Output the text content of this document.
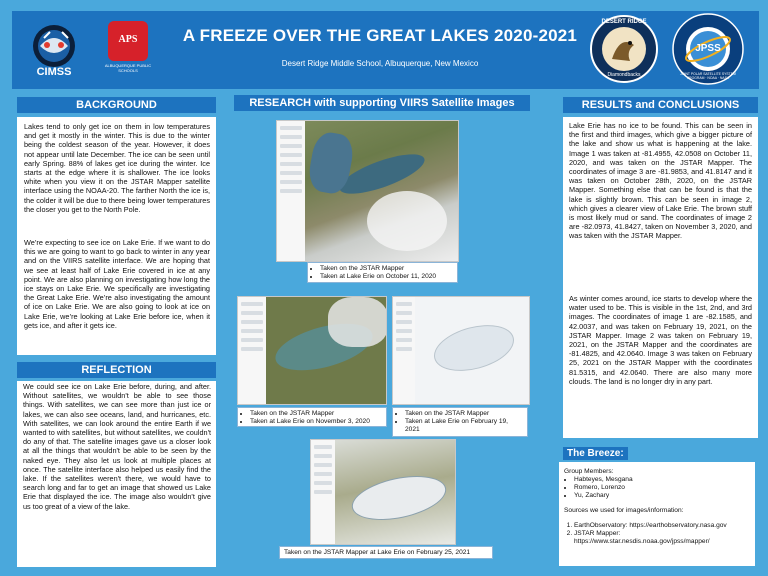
CIMSS
APS
ALBUQUERQUE PUBLIC SCHOOLS
A FREEZE OVER THE GREAT LAKES 2020-2021
Desert Ridge Middle School, Albuquerque, New Mexico
DESERT RIDGE
Diamondbacks
JPSS
JOINT POLAR SATELLITE SYSTEM PROGRAM · NOAA · NASA
BACKGROUND

Lakes tend to only get ice on them in low temperatures and get it mostly in the winter. This is due to the winter being the coldest season of the year. However, it does not appear until late December. The ice can be seen until early Spring. 88% of lakes get ice during the winter. Ice starts at the edge where it is shallower. The ice looks white when you view it on the JSTAR Mapper satellite interface using the NOAA-20. The farther North the ice is, the colder it will be due to there being lower temperatures the closer you get to the North Pole.

We’re expecting to see ice on Lake Erie. If we want to do this we are going to want to go back to winter in any year and on the VIIRS satellite interface. We are hoping that we see at least half of Lake Erie covered in ice at any point. We are also planning on investigating how long the ice stays on Lake Erie. We specifically are investigating the Great Lake Erie. We’re also investigating the amount of ice on Lake Erie. We are also going to look at ice on Lake Erie, we’re looking at Lake Erie before ice, when it gets ice, and after it gets ice.

REFLECTION

We could see ice on Lake Erie before, during, and after. Without satellites, we wouldn't be able to see those things. With satellites, we can see more than just ice or lakes, we can also see oceans, land, and hurricanes, etc. With satellites, we can look around the entire Earth if we wanted to with satellites, but without satellites, we couldn't do any of that. The satellite images gave us a closer look at all the things that wouldn't be able to be seen by the naked eye. They also let us look at multiple places at once. The satellite interface also helped us easily find the lake. If the satellites weren't there, we would have to search long and far to get an image that showed us Lake Erie that displayed the ice. The image also wouldn't give us too great of a view of the lake.

RESEARCH with supporting VIIRS Satellite Images
• Taken on the JSTAR Mapper
• Taken at Lake Erie on October 11, 2020
• Taken on the JSTAR Mapper
• Taken at Lake Erie on November 3, 2020
• Taken on the JSTAR Mapper
• Taken at Lake Erie on February 19, 2021
Taken on the JSTAR Mapper at Lake Erie on February 25, 2021
RESULTS and CONCLUSIONS

Lake Erie has no ice to be found. This can be seen in the first and third images, which give a bigger picture of the lake and show us what is happening at the lake. Image 1 was taken at -81.4955, 42.0508 on October 11, 2020, and was taken on the JSTAR Mapper. The coordinates of image 3 are -81.9853, and 41.8147 and it was taken on October 28th, 2020, on the JSTAR Mapper. Something else that can be found is that the lake is slightly brown. This can be seen in image 2, which gives a clearer view of Lake Erie. The brown stuff is most likely mud or sand. The coordinates of image 2 are -82.0973, 41.8427, taken on November 3, 2020, and was taken with the JSTAR Mapper.

As winter comes around, ice starts to develop where the water used to be. This is visible in the 1st, 2nd, and 3rd images. The coordinates of image 1 are -82.1585, and 42.0037, and was taken on February 19, 2021, on the JSTAR Mapper. Image 2 was taken on February 19, 2021, on the JSTAR Mapper and the coordinates are -81.4825, and 42.0640. Image 3 was taken on February 25, 2021 on the JSTAR Mapper with the coordinates 81.5315, and 42.0640. There are also many more clouds. The land is no longer dry in any part.

The Breeze:
Group Members:
• Habteyes, Mesgana
• Romero, Lorenzo
• Yu, Zachary
Sources we used for images/information:
1. EarthObservatory: https://earthobservatory.nasa.gov
2. JSTAR Mapper: https://www.star.nesdis.noaa.gov/jpss/mapper/
